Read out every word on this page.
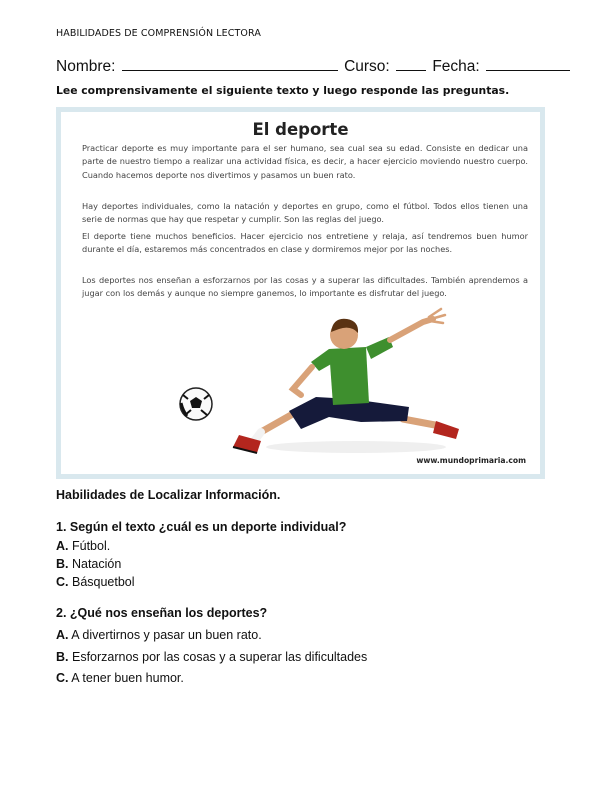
HABILIDADES DE COMPRENSIÓN LECTORA
Nombre:	Curso:	Fecha:
Lee comprensivamente el siguiente texto y luego responde las preguntas.
El deporte

Practicar deporte es muy importante para el ser humano, sea cual sea su edad. Consiste en dedicar una parte de nuestro tiempo a realizar una actividad física, es decir, a hacer ejercicio moviendo nuestro cuerpo. Cuando hacemos deporte nos divertimos y pasamos un buen rato.

Hay deportes individuales, como la natación y deportes en grupo, como el fútbol. Todos ellos tienen una serie de normas que hay que respetar y cumplir. Son las reglas del juego.

El deporte tiene muchos beneficios. Hacer ejercicio nos entretiene y relaja, así tendremos buen humor durante el día, estaremos más concentrados en clase y dormiremos mejor por las noches.

Los deportes nos enseñan a esforzarnos por las cosas y a superar las dificultades. También aprendemos a jugar con los demás y aunque no siempre ganemos, lo importante es disfrutar del juego.

www.mundoprimaria.com
Habilidades de Localizar Información.
1. Según el texto ¿cuál es un deporte individual?
A. Fútbol.
B. Natación
C. Básquetbol
2. ¿Qué nos enseñan los deportes?
A. A divertirnos y pasar un buen rato.
B. Esforzarnos por las cosas y a superar las dificultades
C. A tener buen humor.
